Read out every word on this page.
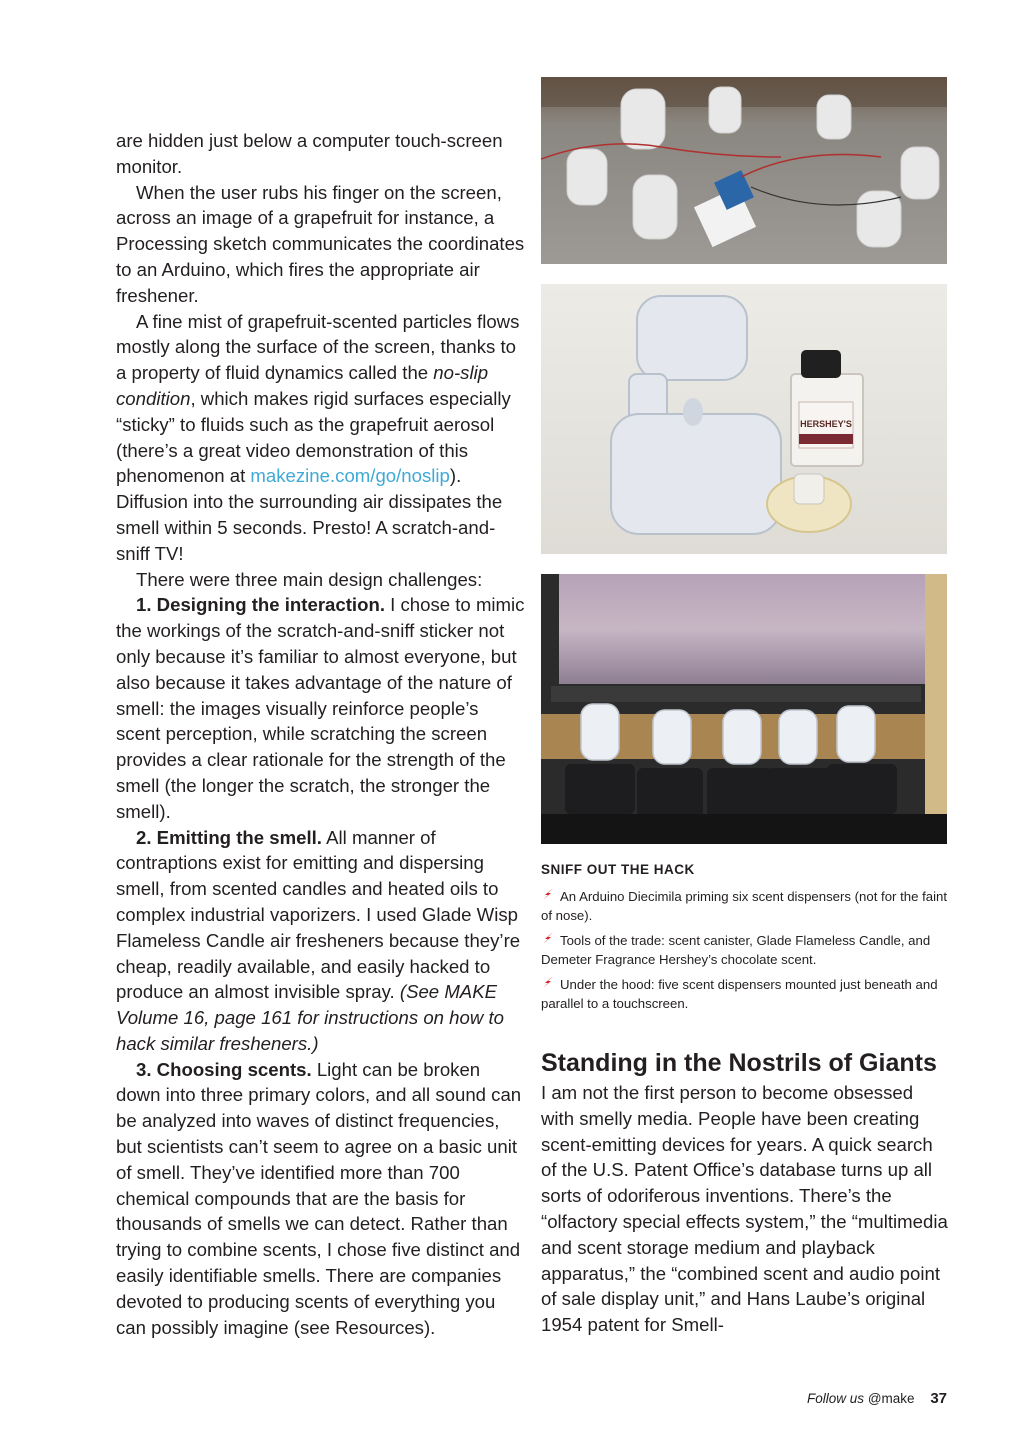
are hidden just below a computer touch-screen monitor.

When the user rubs his finger on the screen, across an image of a grapefruit for instance, a Processing sketch communicates the coordinates to an Arduino, which fires the appropriate air freshener.

A fine mist of grapefruit-scented particles flows mostly along the surface of the screen, thanks to a property of fluid dynamics called the no-slip condition, which makes rigid surfaces especially “sticky” to fluids such as the grapefruit aerosol (there’s a great video demonstration of this phenomenon at makezine.com/go/noslip). Diffusion into the surrounding air dissipates the smell within 5 seconds. Presto! A scratch-and-sniff TV!

There were three main design challenges:

1. Designing the interaction. I chose to mimic the workings of the scratch-and-sniff sticker not only because it’s familiar to almost everyone, but also because it takes advantage of the nature of smell: the images visually reinforce people’s scent perception, while scratching the screen provides a clear rationale for the strength of the smell (the longer the scratch, the stronger the smell).

2. Emitting the smell. All manner of contraptions exist for emitting and dispersing smell, from scented candles and heated oils to complex industrial vaporizers. I used Glade Wisp Flameless Candle air fresheners because they’re cheap, readily available, and easily hacked to produce an almost invisible spray. (See MAKE Volume 16, page 161 for instructions on how to hack similar fresheners.)

3. Choosing scents. Light can be broken down into three primary colors, and all sound can be analyzed into waves of distinct frequencies, but scientists can’t seem to agree on a basic unit of smell. They’ve identified more than 700 chemical compounds that are the basis for thousands of smells we can detect. Rather than trying to combine scents, I chose five distinct and easily identifiable smells. There are companies devoted to producing scents of everything you can possibly imagine (see Resources).

HERSHEY'S
SNIFF OUT THE HACK
An Arduino Diecimila priming six scent dispensers (not for the faint of nose).
Tools of the trade: scent canister, Glade Flameless Candle, and Demeter Fragrance Hershey’s chocolate scent.
Under the hood: five scent dispensers mounted just beneath and parallel to a touchscreen.
Standing in the Nostrils of Giants

I am not the first person to become obsessed with smelly media. People have been creating scent-emitting devices for years. A quick search of the U.S. Patent Office’s database turns up all sorts of odoriferous inventions. There’s the “olfactory special effects system,” the “multimedia and scent storage medium and playback apparatus,” the “combined scent and audio point of sale display unit,” and Hans Laube’s original 1954 patent for Smell-

Follow us @make 37
